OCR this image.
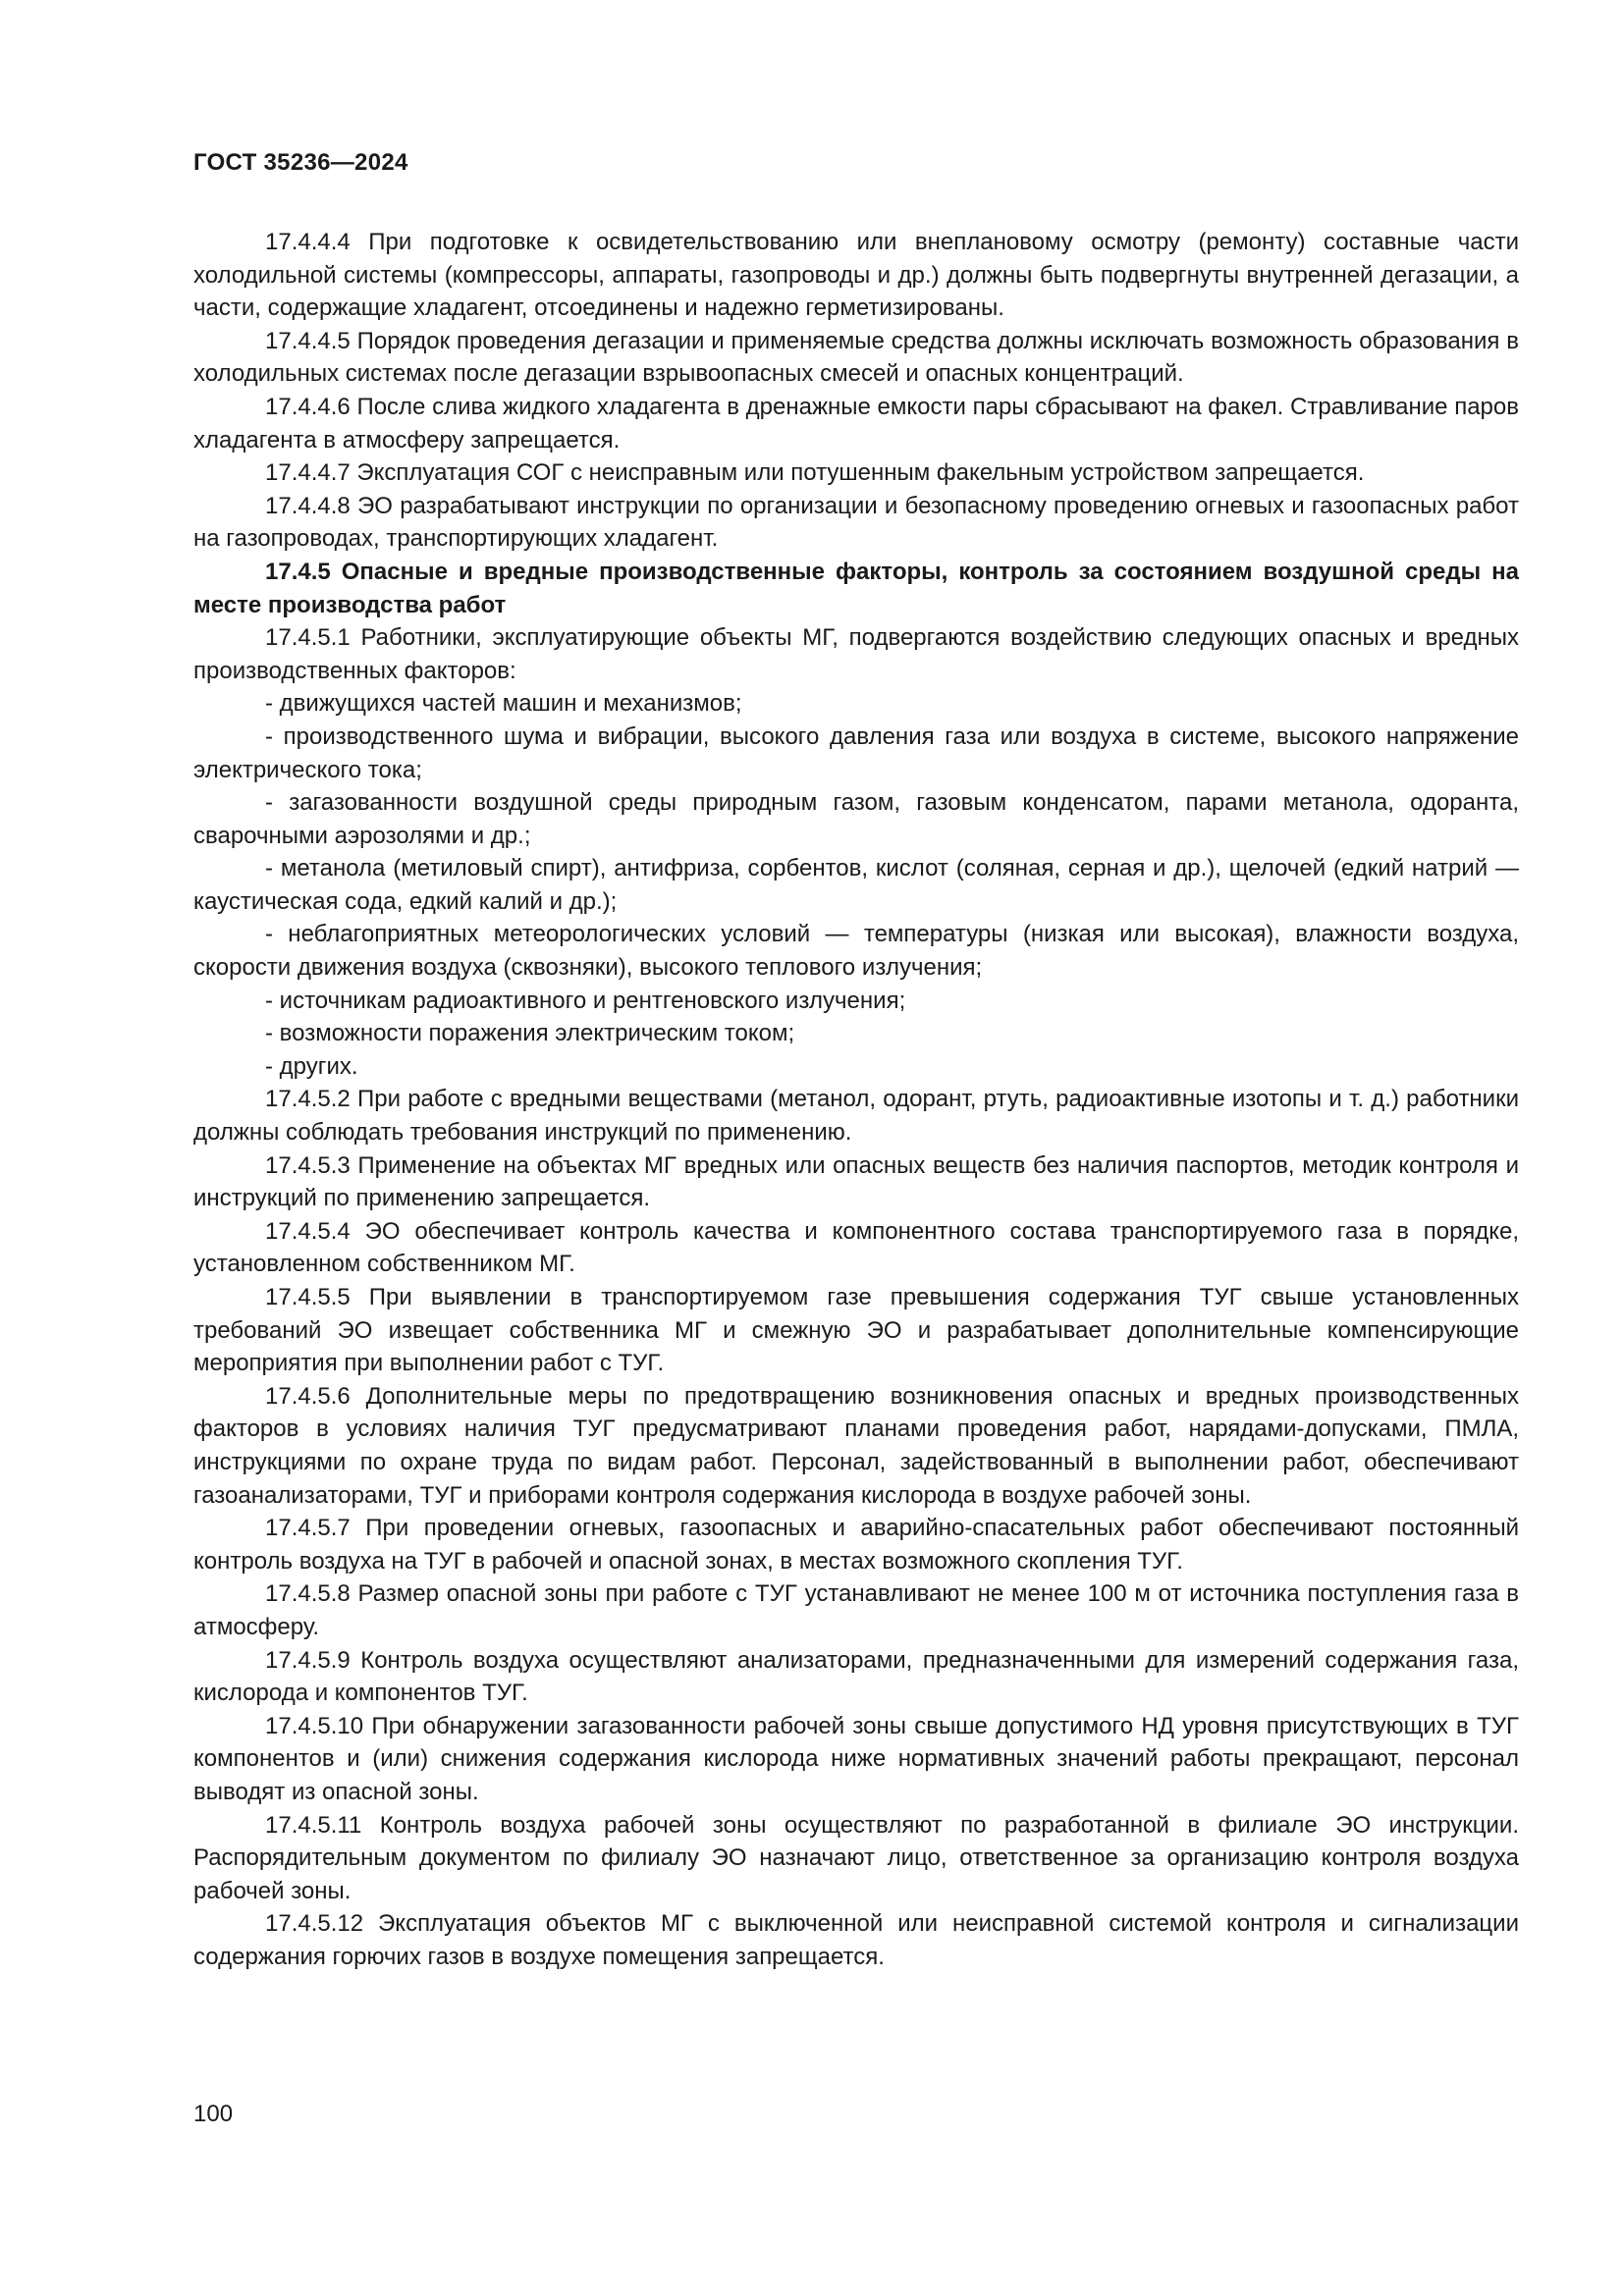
ГОСТ 35236—2024

17.4.4.4 При подготовке к освидетельствованию или внеплановому осмотру (ремонту) составные части холодильной системы (компрессоры, аппараты, газопроводы и др.) должны быть подвергнуты внутренней дегазации, а части, содержащие хладагент, отсоединены и надежно герметизированы.

17.4.4.5 Порядок проведения дегазации и применяемые средства должны исключать возможность образования в холодильных системах после дегазации взрывоопасных смесей и опасных концентраций.

17.4.4.6 После слива жидкого хладагента в дренажные емкости пары сбрасывают на факел. Стравливание паров хладагента в атмосферу запрещается.

17.4.4.7 Эксплуатация СОГ с неисправным или потушенным факельным устройством запрещается.

17.4.4.8 ЭО разрабатывают инструкции по организации и безопасному проведению огневых и газоопасных работ на газопроводах, транспортирующих хладагент.

17.4.5 Опасные и вредные производственные факторы, контроль за состоянием воздушной среды на месте производства работ

17.4.5.1 Работники, эксплуатирующие объекты МГ, подвергаются воздействию следующих опасных и вредных производственных факторов:

- движущихся частей машин и механизмов;

- производственного шума и вибрации, высокого давления газа или воздуха в системе, высокого напряжение электрического тока;

- загазованности воздушной среды природным газом, газовым конденсатом, парами метанола, одоранта, сварочными аэрозолями и др.;

- метанола (метиловый спирт), антифриза, сорбентов, кислот (соляная, серная и др.), щелочей (едкий натрий — каустическая сода, едкий калий и др.);

- неблагоприятных метеорологических условий — температуры (низкая или высокая), влажности воздуха, скорости движения воздуха (сквозняки), высокого теплового излучения;

- источникам радиоактивного и рентгеновского излучения;

- возможности поражения электрическим током;

- других.

17.4.5.2 При работе с вредными веществами (метанол, одорант, ртуть, радиоактивные изотопы и т. д.) работники должны соблюдать требования инструкций по применению.

17.4.5.3 Применение на объектах МГ вредных или опасных веществ без наличия паспортов, методик контроля и инструкций по применению запрещается.

17.4.5.4 ЭО обеспечивает контроль качества и компонентного состава транспортируемого газа в порядке, установленном собственником МГ.

17.4.5.5 При выявлении в транспортируемом газе превышения содержания ТУГ свыше установленных требований ЭО извещает собственника МГ и смежную ЭО и разрабатывает дополнительные компенсирующие мероприятия при выполнении работ с ТУГ.

17.4.5.6 Дополнительные меры по предотвращению возникновения опасных и вредных производственных факторов в условиях наличия ТУГ предусматривают планами проведения работ, нарядами-допусками, ПМЛА, инструкциями по охране труда по видам работ. Персонал, задействованный в выполнении работ, обеспечивают газоанализаторами, ТУГ и приборами контроля содержания кислорода в воздухе рабочей зоны.

17.4.5.7 При проведении огневых, газоопасных и аварийно-спасательных работ обеспечивают постоянный контроль воздуха на ТУГ в рабочей и опасной зонах, в местах возможного скопления ТУГ.

17.4.5.8 Размер опасной зоны при работе с ТУГ устанавливают не менее 100 м от источника поступления газа в атмосферу.

17.4.5.9 Контроль воздуха осуществляют анализаторами, предназначенными для измерений содержания газа, кислорода и компонентов ТУГ.

17.4.5.10 При обнаружении загазованности рабочей зоны свыше допустимого НД уровня присутствующих в ТУГ компонентов и (или) снижения содержания кислорода ниже нормативных значений работы прекращают, персонал выводят из опасной зоны.

17.4.5.11 Контроль воздуха рабочей зоны осуществляют по разработанной в филиале ЭО инструкции. Распорядительным документом по филиалу ЭО назначают лицо, ответственное за организацию контроля воздуха рабочей зоны.

17.4.5.12 Эксплуатация объектов МГ с выключенной или неисправной системой контроля и сигнализации содержания горючих газов в воздухе помещения запрещается.

100
